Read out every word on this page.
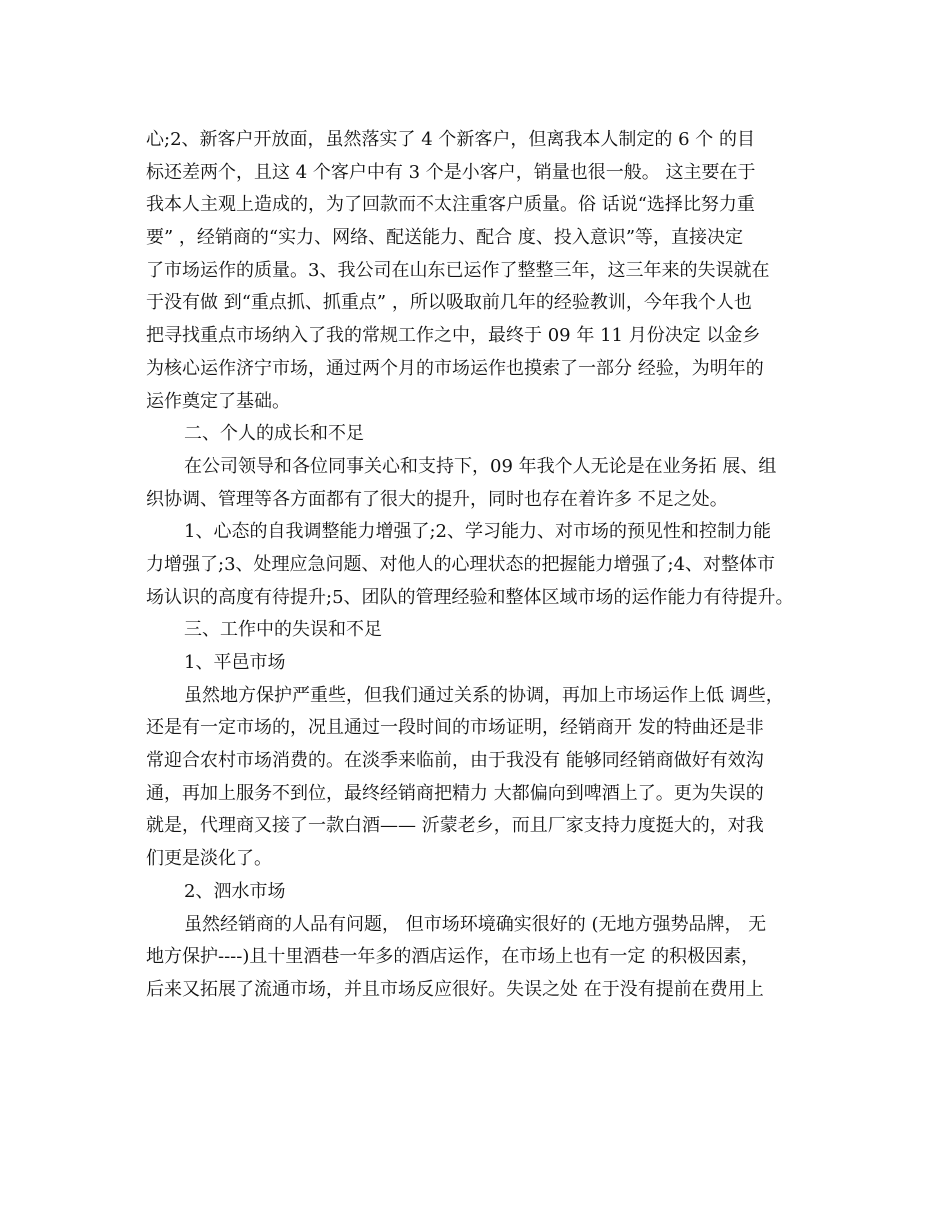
心;2、新客户开放面，虽然落实了 4 个新客户，但离我本人制定的 6 个 的目
标还差两个，且这 4 个客户中有 3 个是小客户，销量也很一般。 这主要在于
我本人主观上造成的，为了回款而不太注重客户质量。俗 话说“选择比努力重
要” ，经销商的“实力、网络、配送能力、配合 度、投入意识”等，直接决定
了市场运作的质量。3、我公司在山东已运作了整整三年，这三年来的失误就在
于没有做 到“重点抓、抓重点” ，所以吸取前几年的经验教训，今年我个人也
把寻找重点市场纳入了我的常规工作之中，最终于 09 年 11 月份决定 以金乡
为核心运作济宁市场，通过两个月的市场运作也摸索了一部分 经验，为明年的
运作奠定了基础。
二、个人的成长和不足
在公司领导和各位同事关心和支持下，09 年我个人无论是在业务拓 展、组
织协调、管理等各方面都有了很大的提升，同时也存在着许多 不足之处。
1、心态的自我调整能力增强了;2、学习能力、对市场的预见性和控制力能
力增强了;3、处理应急问题、对他人的心理状态的把握能力增强了;4、对整体市
场认识的高度有待提升;5、团队的管理经验和整体区域市场的运作能力有待提升。
三、工作中的失误和不足
1、平邑市场
虽然地方保护严重些，但我们通过关系的协调，再加上市场运作上低 调些，
还是有一定市场的，况且通过一段时间的市场证明，经销商开 发的特曲还是非
常迎合农村市场消费的。在淡季来临前，由于我没有 能够同经销商做好有效沟
通，再加上服务不到位，最终经销商把精力 大都偏向到啤酒上了。更为失误的
就是，代理商又接了一款白酒—— 沂蒙老乡，而且厂家支持力度挺大的，对我
们更是淡化了。
2、泗水市场
虽然经销商的人品有问题， 但市场环境确实很好的 (无地方强势品牌， 无
地方保护----)且十里酒巷一年多的酒店运作，在市场上也有一定 的积极因素，
后来又拓展了流通市场，并且市场反应很好。失误之处 在于没有提前在费用上
